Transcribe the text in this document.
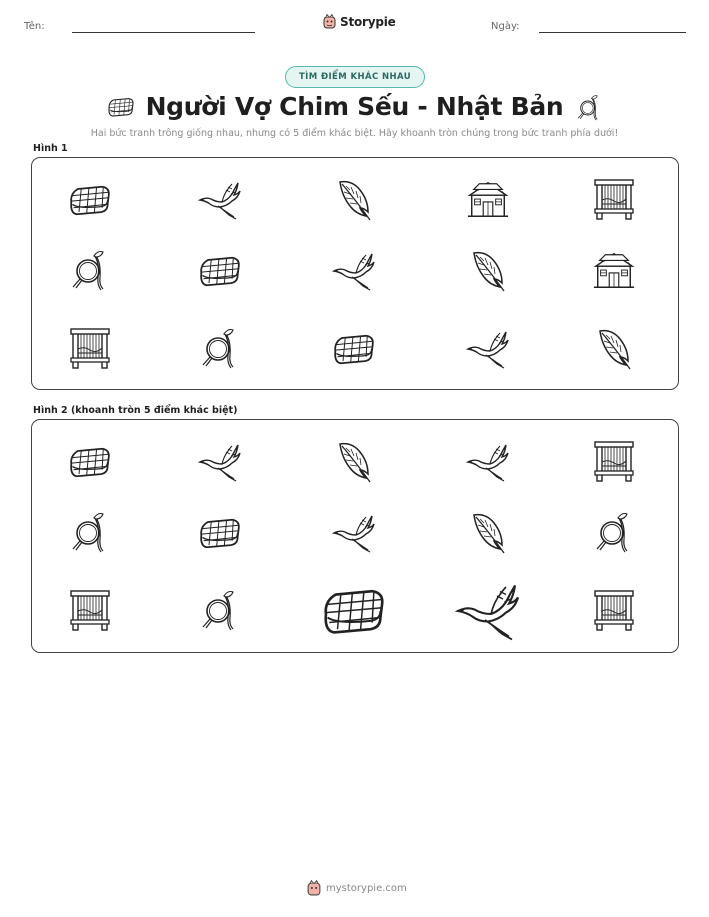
Tên:	Ngày:
Storypie
TÌM ĐIỂM KHÁC NHAU
Người Vợ Chim Sếu - Nhật Bản
Hai bức tranh trông giống nhau, nhưng có 5 điểm khác biệt. Hãy khoanh tròn chúng trong bức tranh phía dưới!
Hình 1
Hình 2 (khoanh tròn 5 điểm khác biệt)
mystorypie.com
